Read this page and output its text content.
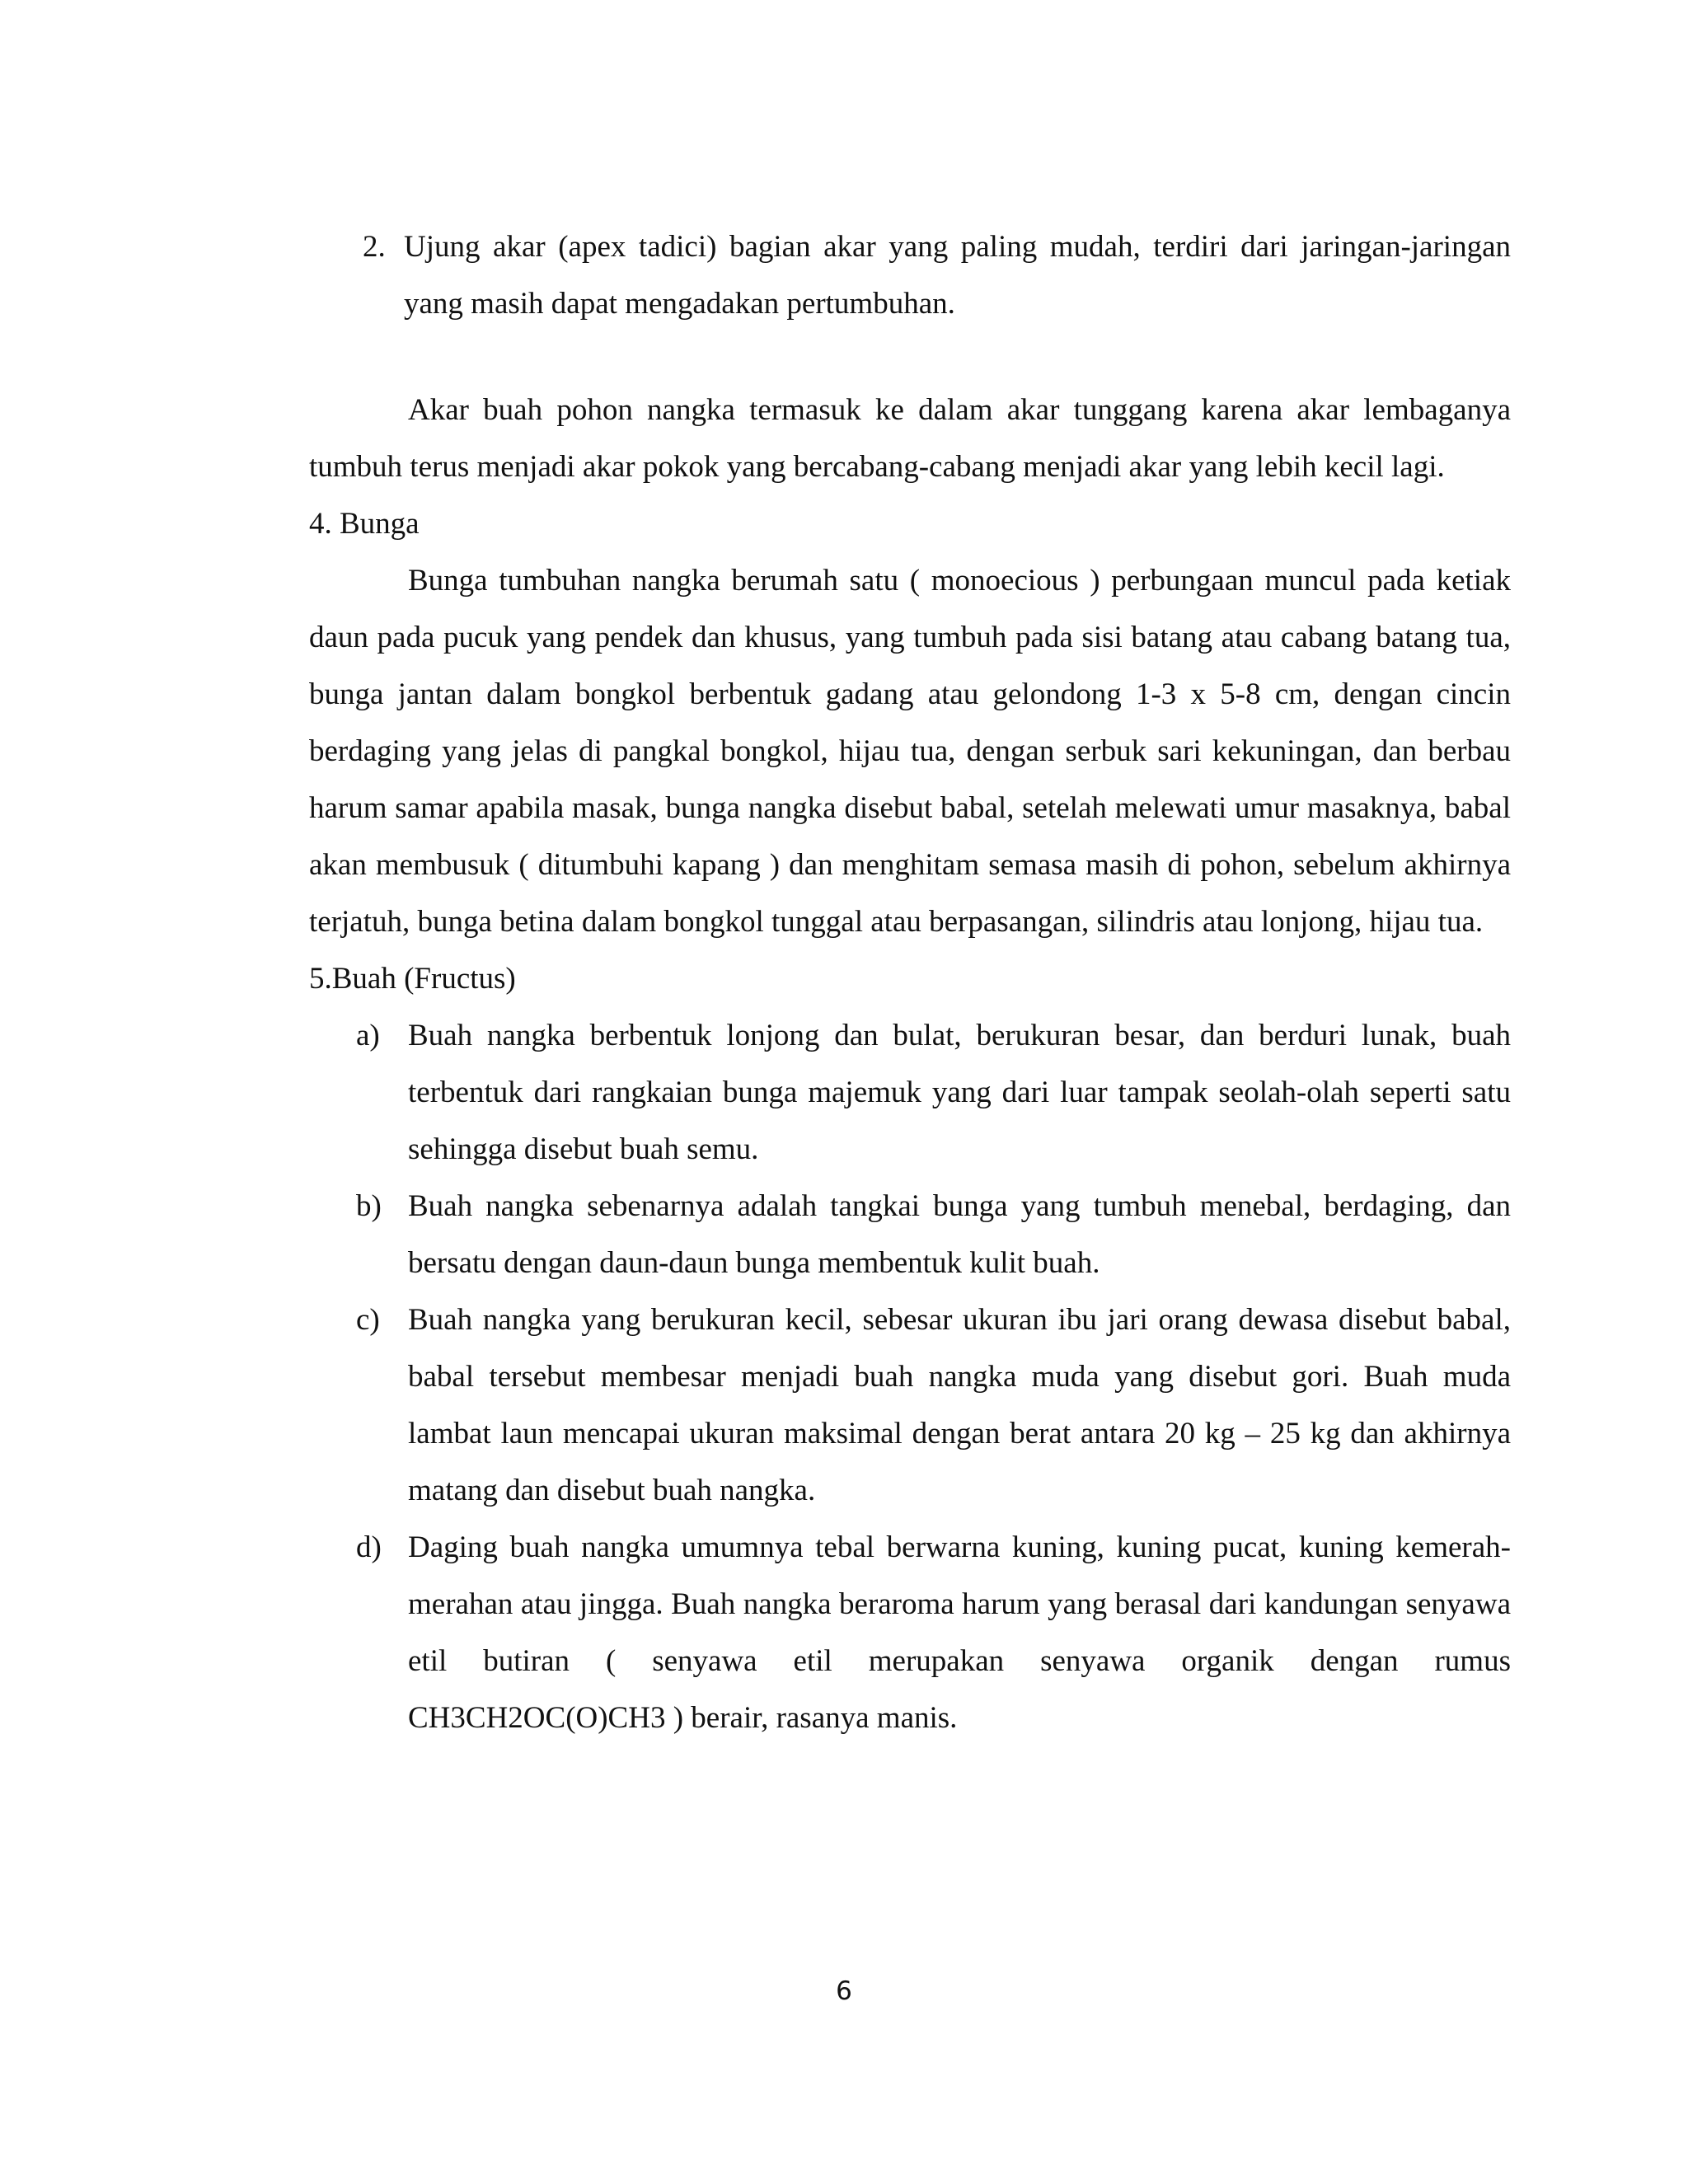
2. Ujung akar (apex tadici) bagian akar yang paling mudah, terdiri dari jaringan-jaringan yang masih dapat mengadakan pertumbuhan.

Akar buah pohon nangka termasuk ke dalam akar tunggang karena akar lembaganya tumbuh terus menjadi akar pokok yang bercabang-cabang menjadi akar yang lebih kecil lagi.

4. Bunga

Bunga tumbuhan nangka berumah satu ( monoecious ) perbungaan muncul pada ketiak daun pada pucuk yang pendek dan khusus, yang tumbuh pada sisi batang atau cabang batang tua, bunga jantan dalam bongkol berbentuk gadang atau gelondong 1-3 x 5-8 cm, dengan cincin berdaging yang jelas di pangkal bongkol, hijau tua, dengan serbuk sari kekuningan, dan berbau harum samar apabila masak, bunga nangka disebut babal, setelah melewati umur masaknya, babal akan membusuk ( ditumbuhi kapang ) dan menghitam semasa masih di pohon, sebelum akhirnya terjatuh, bunga betina dalam bongkol tunggal atau berpasangan, silindris atau lonjong, hijau tua.

5.Buah (Fructus)

a) Buah nangka berbentuk lonjong dan bulat, berukuran besar, dan berduri lunak, buah terbentuk dari rangkaian bunga majemuk yang dari luar tampak seolah-olah seperti satu sehingga disebut buah semu.
b) Buah nangka sebenarnya adalah tangkai bunga yang tumbuh menebal, berdaging, dan bersatu dengan daun-daun bunga membentuk kulit buah.
c) Buah nangka yang berukuran kecil, sebesar ukuran ibu jari orang dewasa disebut babal, babal tersebut membesar menjadi buah nangka muda yang disebut gori. Buah muda lambat laun mencapai ukuran maksimal dengan berat antara 20 kg – 25 kg dan akhirnya matang dan disebut buah nangka.
d) Daging buah nangka umumnya tebal berwarna kuning, kuning pucat, kuning kemerah-merahan atau jingga. Buah nangka beraroma harum yang berasal dari kandungan senyawa etil butiran ( senyawa etil merupakan senyawa organik dengan rumus CH3CH2OC(O)CH3 ) berair, rasanya manis.
6
